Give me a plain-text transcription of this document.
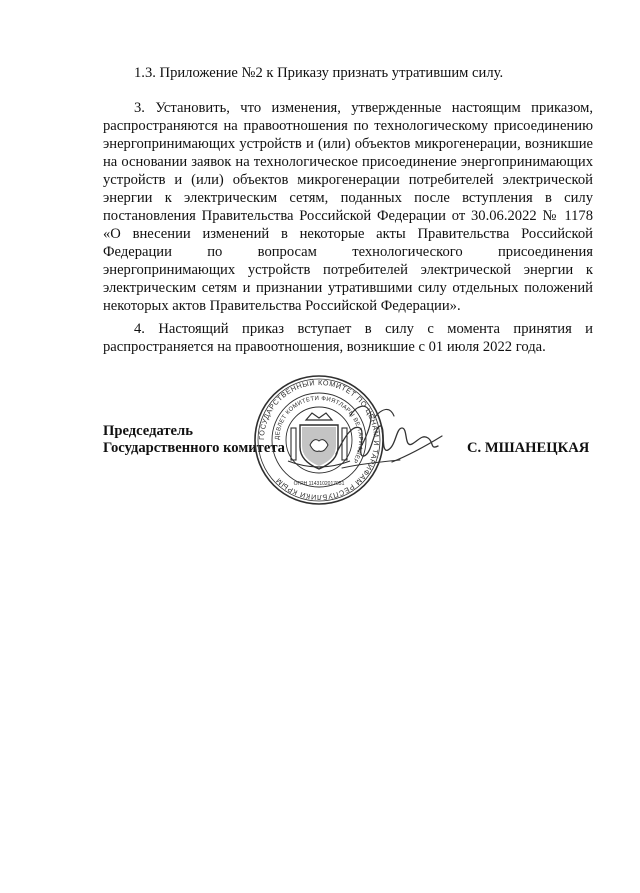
1.3. Приложение №2 к Приказу признать утратившим силу.
3. Установить, что изменения, утвержденные настоящим приказом, распространяются на правоотношения по технологическому присоединению энергопринимающих устройств и (или) объектов микрогенерации, возникшие на основании заявок на технологическое присоединение энергопринимающих устройств и (или) объектов микрогенерации потребителей электрической энергии к электрическим сетям, поданных после вступления в силу постановления Правительства Российской Федерации от 30.06.2022 № 1178 «О внесении изменений в некоторые акты Правительства Российской Федерации по вопросам технологического присоединения энергопринимающих устройств потребителей электрической энергии к электрическим сетям и признании утратившими силу отдельных положений некоторых актов Правительства Российской Федерации».
4. Настоящий приказ вступает в силу с момента принятия и распространяется на правоотношения, возникшие с 01 июля 2022 года.
Председатель
Государственного комитета	С. МШАНЕЦКАЯ
ГОСУДАРСТВЕННЫЙ КОМИТЕТ ПО ЦЕНАМ И ТАРИФАМ РЕСПУБЛИКИ КРЫМ
ДЕВЛЕТ КОМИТЕТИ ФИЯТЛАРЫ ВЕ ТАРИФЛЕР
ОГРН 1143102017051
